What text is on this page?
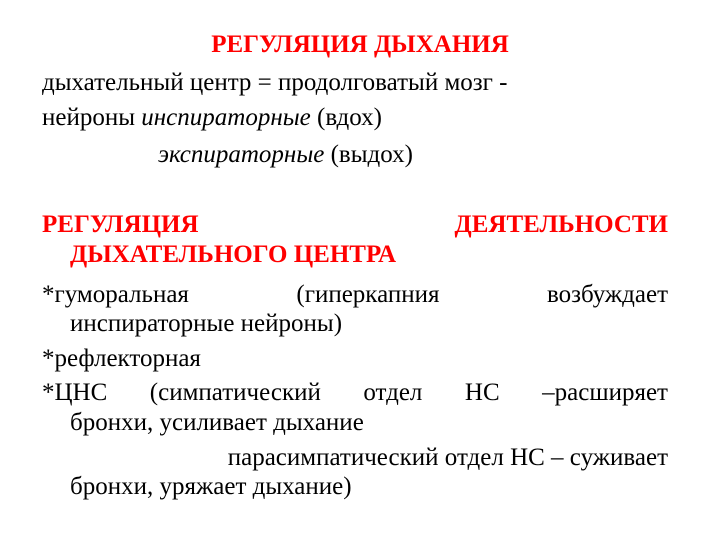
РЕГУЛЯЦИЯ ДЫХАНИЯ
дыхательный центр = продолговатый мозг -
нейроны инспираторные (вдох)
экспираторные (выдох)
РЕГУЛЯЦИЯ	ДЕЯТЕЛЬНОСТИ
ДЫХАТЕЛЬНОГО ЦЕНТРА
*гуморальная	(гиперкапния	возбуждает
инспираторные нейроны)
*рефлекторная
*ЦНС (симпатический отдел НС –расширяет
бронхи, усиливает дыхание
парасимпатический отдел НС – суживает
бронхи, уряжает дыхание)
